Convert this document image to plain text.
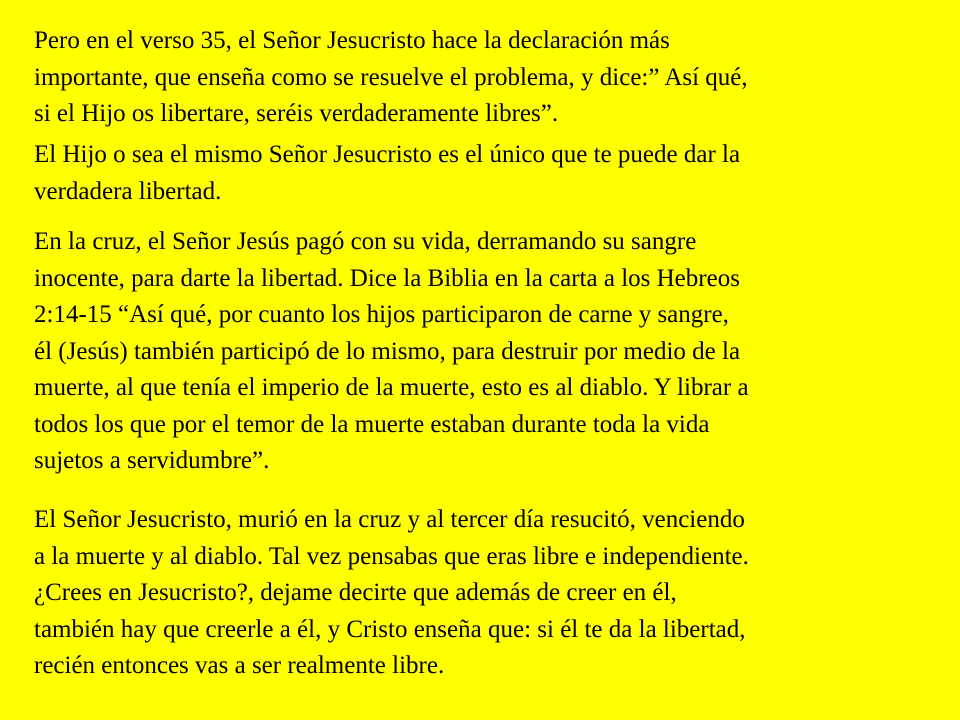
Pero en el verso 35, el Señor Jesucristo hace la declaración más
importante, que enseña como se resuelve el problema, y dice:” Así qué,
si el Hijo os libertare, seréis verdaderamente libres”.

El Hijo o sea el mismo Señor Jesucristo es el único que te puede dar la
verdadera libertad.

En la cruz, el Señor Jesús pagó con su vida, derramando su sangre
inocente, para darte la libertad. Dice la Biblia en la carta a los Hebreos
2:14-15 “Así qué, por cuanto los hijos participaron de carne y sangre,
él (Jesús) también participó de lo mismo, para destruir por medio de la
muerte, al que tenía el imperio de la muerte, esto es al diablo. Y librar a
todos los que por el temor de la muerte estaban durante toda la vida
sujetos a servidumbre”.

El Señor Jesucristo, murió en la cruz y al tercer día resucitó, venciendo
a la muerte y al diablo. Tal vez pensabas que eras libre e independiente.
¿Crees en Jesucristo?, dejame decirte que además de creer en él,
también hay que creerle a él, y Cristo enseña que: si él te da la libertad,
recién entonces vas a ser realmente libre.
